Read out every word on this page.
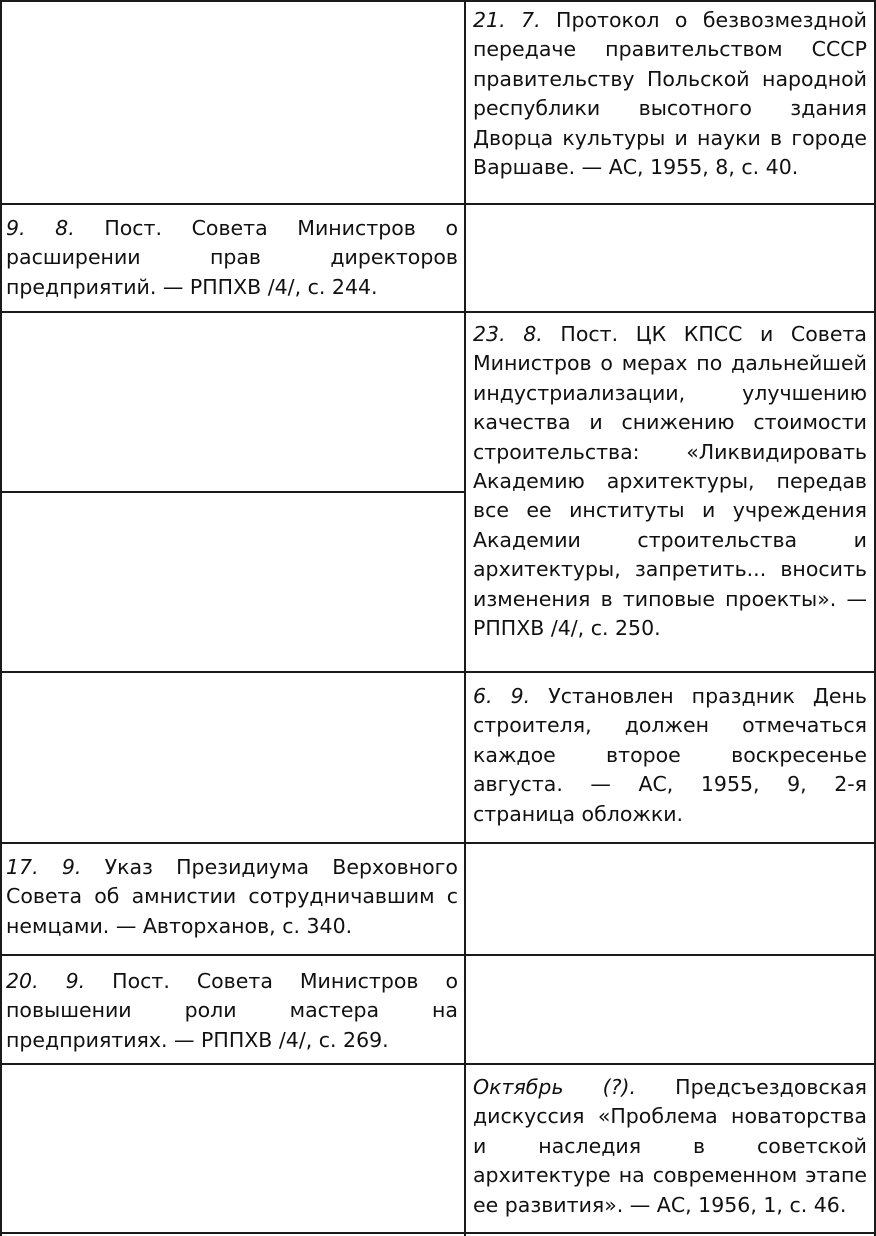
9. 8. Пост. Совета Министров о расширении прав директоров предприятий. — РППХВ /4/, с. 244.
17. 9. Указ Президиума Верховного Совета об амнистии сотрудничавшим с немцами. — Авторханов, с. 340.
20. 9. Пост. Совета Министров о повышении роли мастера на предприятиях. — РППХВ /4/, с. 269.
21. 7. Протокол о безвозмездной передаче правительством СССР правительству Польской народной республики высотного здания Дворца культуры и науки в городе Варшаве. — АС, 1955, 8, с. 40.
23. 8. Пост. ЦК КПСС и Совета Министров о мерах по дальнейшей индустриализации, улучшению качества и снижению стоимости строительства: «Ликвидировать Академию архитектуры, передав все ее институты и учреждения Академии строительства и архитектуры, запретить... вносить изменения в типовые проекты». — РППХВ /4/, с. 250.
6. 9. Установлен праздник День строителя, должен отмечаться каждое второе воскресенье августа. — АС, 1955, 9, 2-я страница обложки.
Октябрь (?). Предсъездовская дискуссия «Проблема новаторства и наследия в советской архитектуре на современном этапе ее развития». — АС, 1956, 1, с. 46.
